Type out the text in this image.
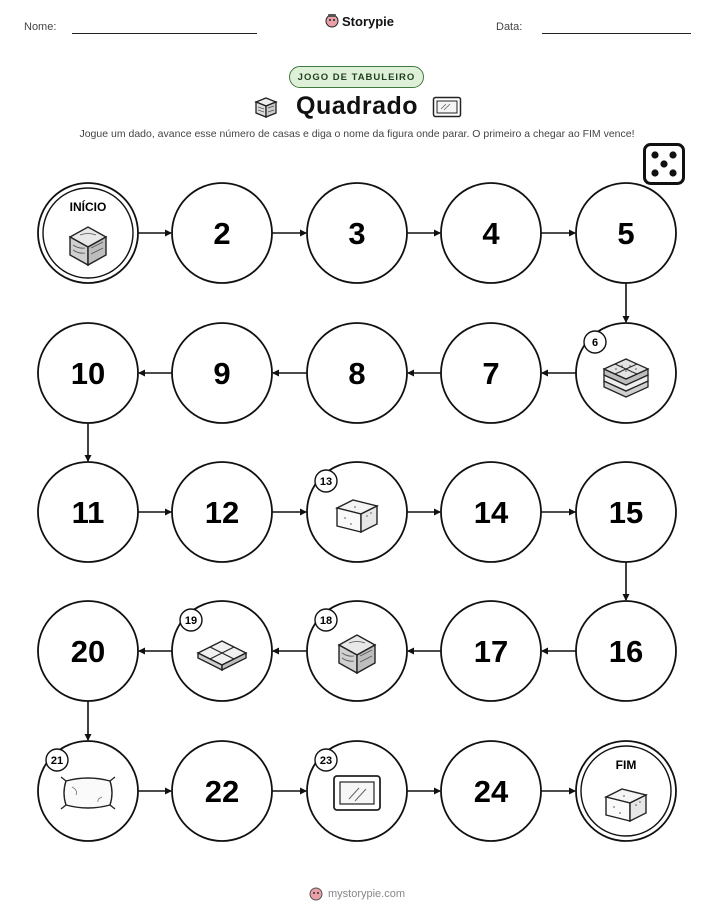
Nome:	Storypie	Data:
JOGO DE TABULEIRO
Quadrado
Jogue um dado, avance esse número de casas e diga o nome da figura onde parar. O primeiro a chegar ao FIM vence!
INÍCIO
2	3	4	5
6
7
8
9
10
11	12
13
14	15
16
17
18
19
20
21
22
23
24
FIM
mystorypie.com
